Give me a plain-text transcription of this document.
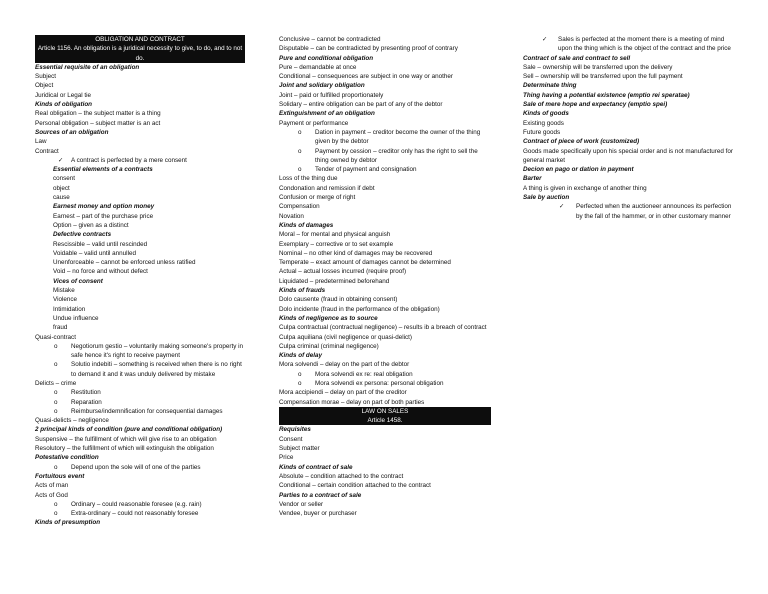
OBLIGATION AND CONTRACT
Article 1156. An obligation is a juridical necessity to give, to do, and to not do.
Essential requisite of an obligation
Subject
Object
Juridical or Legal tie
Kinds of obligation
Real obligation – the subject matter is a thing
Personal obligation – subject matter is an act
Sources of an obligation
Law
Contract
✓ A contract is perfected by a mere consent
Essential elements of a contracts
consent
object
cause
Earnest money and option money
Earnest – part of the purchase price
Option – given as a distinct
Defective contracts
Rescissible – valid until rescinded
Voidable – valid until annulled
Unenforceable – cannot be enforced unless ratified
Void – no force and without defect
Vices of consent
Mistake
Violence
Intimidation
Undue influence
fraud
Quasi-contract
o Negotiorum gestio – voluntarily making someone's property in safe hence it's right to receive payment
o Solutio indebiti – something is received when there is no right to demand it and it was unduly delivered by mistake
Delicts – crime
o Restitution
o Reparation
o Reimburse/indemnification for consequential damages
Quasi-delicts – negligence
2 principal kinds of condition (pure and conditional obligation)
Suspensive – the fulfillment of which will give rise to an obligation
Resolutory – the fulfillment of which will extinguish the obligation
Potestative condition
o Depend upon the sole will of one of the parties
Fortuitous event
Acts of man
Acts of God
o Ordinary – could reasonable foresee (e.g. rain)
o Extra-ordinary – could not reasonably foresee
Kinds of presumption
Conclusive – cannot be contradicted
Disputable – can be contradicted by presenting proof of contrary
Pure and conditional obligation
Pure – demandable at once
Conditional – consequences are subject in one way or another
Joint and solidary obligation
Joint – paid or fulfilled proportionately
Solidary – entire obligation can be part of any of the debtor
Extinguishment of an obligation
Payment or performance
o Dation in payment – creditor become the owner of the thing given by the debtor
o Payment by cession – creditor only has the right to sell the thing owned by debtor
o Tender of payment and consignation
Loss of the thing due
Condonation and remission if debt
Confusion or merge of right
Compensation
Novation
Kinds of damages
Moral – for mental and physical anguish
Exemplary – corrective or to set example
Nominal – no other kind of damages may be recovered
Temperate – exact amount of damages cannot be determined
Actual – actual losses incurred (require proof)
Liquidated – predetermined beforehand
Kinds of frauds
Dolo causente (fraud in obtaining consent)
Dolo incidente (fraud in the performance of the obligation)
Kinds of negligence as to source
Culpa contractual (contractual negligence) – results ib a breach of contract
Culpa aquiliana (civil negligence or quasi-delict)
Culpa criminal (criminal negligence)
Kinds of delay
Mora solvendi – delay on the part of the debtor
o Mora solvendi ex re: real obligation
o Mora solvendi ex persona: personal obligation
Mora accipiendi – delay on part of the creditor
Compensation morae – delay on part of both parties
LAW ON SALES
Article 1458.
Requisites
Consent
Subject matter
Price
Kinds of contract of sale
Absolute – condition attached to the contract
Conditional – certain condition attached to the contract
Parties to a contract of sale
Vendor or seller
Vendee, buyer or purchaser
✓ Sales is perfected at the moment there is a meeting of mind upon the thing which is the object of the contract and the price
Contract of sale and contract to sell
Sale – ownership will be transferred upon the delivery
Sell – ownership will be transferred upon the full payment
Determinate thing
Thing having a potential existence (emptio rei speratae)
Sale of mere hope and expectancy (emptio spei)
Kinds of goods
Existing goods
Future goods
Contract of piece of work (customized)
Goods made specifically upon his special order and is not manufactured for general market
Decion en pago or dation in payment
Barter
A thing is given in exchange of another thing
Sale by auction
✓ Perfected when the auctioneer announces its perfection by the fall of the hammer, or in other customary manner
